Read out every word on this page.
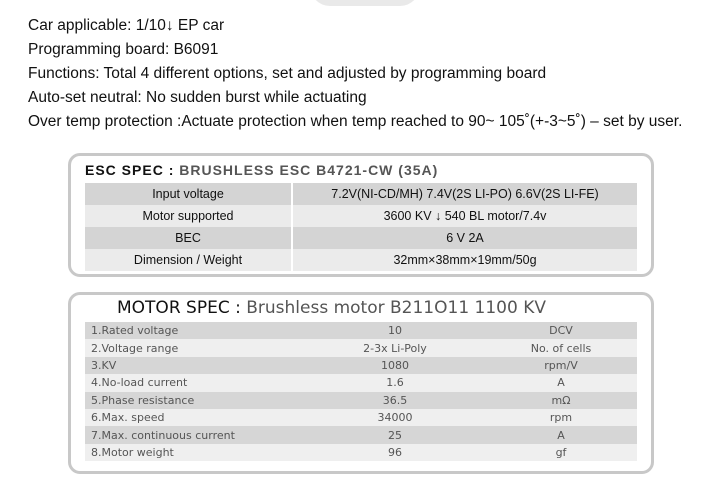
Car applicable: 1/10↓ EP car
Programming board: B6091
Functions: Total 4 different options, set and adjusted by programming board
Auto-set neutral: No sudden burst while actuating
Over temp protection :Actuate protection when temp reached to 90~ 105˚(+-3~5˚) – set by user.
ESC SPEC : BRUSHLESS ESC B4721-CW (35A)
Input voltage	7.2V(NI-CD/MH) 7.4V(2S LI-PO) 6.6V(2S LI-FE)
Motor supported	3600 KV ↓ 540 BL motor/7.4v
BEC	6 V 2A
Dimension / Weight	32mm×38mm×19mm/50g
MOTOR SPEC : Brushless motor B211O11 1100 KV
1.Rated voltage	10	DCV
2.Voltage range	2-3x Li-Poly	No. of cells
3.KV	1080	rpm/V
4.No-load current	1.6	A
5.Phase resistance	36.5	mΩ
6.Max. speed	34000	rpm
7.Max. continuous current	25	A
8.Motor weight	96	gf
